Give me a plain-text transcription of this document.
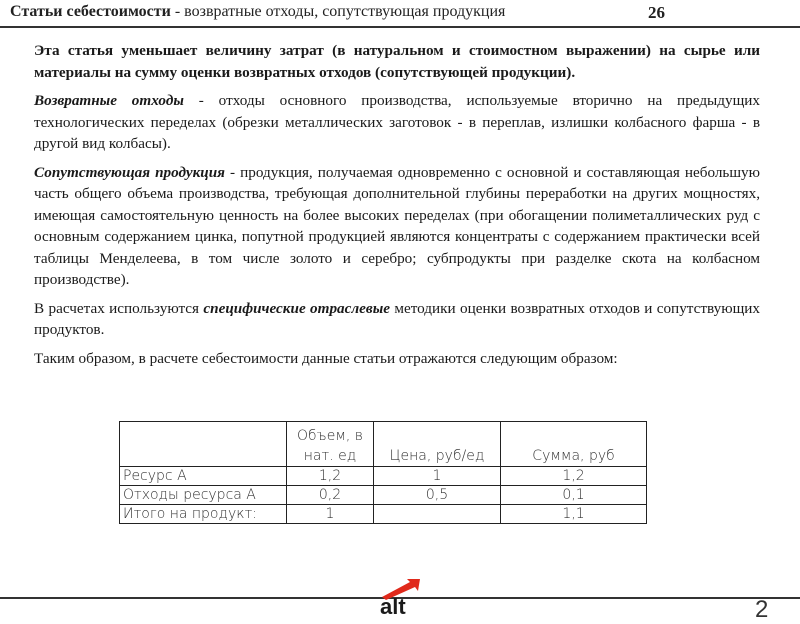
Статьи себестоимости - возвратные отходы, сопутствующая продукция	26

Эта статья уменьшает величину затрат (в натуральном и стоимостном выражении) на сырье или материалы на сумму оценки возвратных отходов (сопутствующей продукции).

Возвратные отходы - отходы основного производства, используемые вторично на предыдущих технологических переделах (обрезки металлических заготовок - в переплав, излишки колбасного фарша - в другой вид колбасы).

Сопутствующая продукция - продукция, получаемая одновременно с основной и составляющая небольшую часть общего объема производства, требующая дополнительной глубины переработки на других мощностях, имеющая самостоятельную ценность на более высоких переделах (при обогащении полиметаллических руд с основным содержанием цинка, попутной продукцией являются концентраты с содержанием практически всей таблицы Менделеева, в том числе золото и серебро; субпродукты при разделке скота на колбасном производстве).

В расчетах используются специфические отраслевые методики оценки возвратных отходов и сопутствующих продуктов.

Таким образом, в расчете себестоимости данные статьи отражаются следующим образом:

	Объем, в нат. ед	Цена, руб/ед	Сумма, руб
Ресурс А	1,2	1	1,2
Отходы ресурса А	0,2	0,5	0,1
Итого на продукт:	1		1,1
alt	2
